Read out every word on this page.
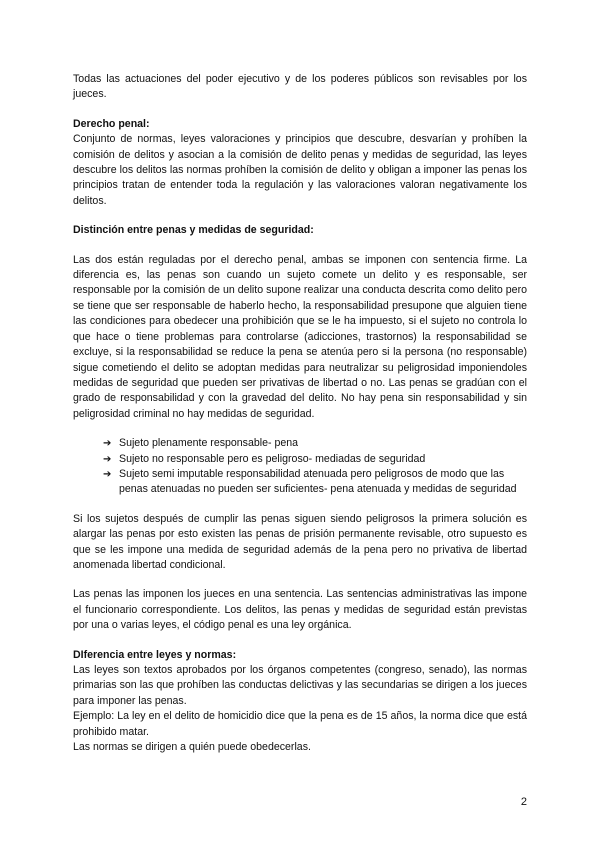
Todas las actuaciones del poder ejecutivo y de los poderes públicos son revisables por los jueces.

Derecho penal:

Conjunto de normas, leyes valoraciones y principios que descubre, desvarían y prohíben la comisión de delitos y asocian a la comisión de delito penas y medidas de seguridad, las leyes descubre los delitos las normas prohíben la comisión de delito y obligan a imponer las penas los principios tratan de entender toda la regulación y las valoraciones valoran negativamente los delitos.

Distinción entre penas y medidas de seguridad:

Las dos están reguladas por el derecho penal, ambas se imponen con sentencia firme. La diferencia es, las penas son cuando un sujeto comete un delito y es responsable, ser responsable por la comisión de un delito supone realizar una conducta descrita como delito pero se tiene que ser responsable de haberlo hecho, la responsabilidad presupone que alguien tiene las condiciones para obedecer una prohibición que se le ha impuesto, si el sujeto no controla lo que hace o tiene problemas para controlarse (adicciones, trastornos) la responsabilidad se excluye, si la responsabilidad se reduce la pena se atenúa pero si la persona (no responsable) sigue cometiendo el delito se adoptan medidas para neutralizar su peligrosidad imponiendoles medidas de seguridad que pueden ser privativas de libertad o no. Las penas se gradúan con el grado de responsabilidad y con la gravedad del delito. No hay pena sin responsabilidad y sin peligrosidad criminal no hay medidas de seguridad.

➔ Sujeto plenamente responsable- pena
➔ Sujeto no responsable pero es peligroso- mediadas de seguridad
➔ Sujeto semi imputable responsabilidad atenuada pero peligrosos de modo que las penas atenuadas no pueden ser suficientes- pena atenuada y medidas de seguridad

Si los sujetos después de cumplir las penas siguen siendo peligrosos la primera solución es alargar las penas por esto existen las penas de prisión permanente revisable, otro supuesto es que se les impone una medida de seguridad además de la pena pero no privativa de libertad anomenada libertad condicional.

Las penas las imponen los jueces en una sentencia. Las sentencias administrativas las impone el funcionario correspondiente. Los delitos, las penas y medidas de seguridad están previstas por una o varias leyes, el código penal es una ley orgánica.

DIferencia entre leyes y normas:

Las leyes son textos aprobados por los órganos competentes (congreso, senado), las normas primarias son las que prohíben las conductas delictivas y las secundarias se dirigen a los jueces para imponer las penas.

Ejemplo: La ley en el delito de homicidio dice que la pena es de 15 años, la norma dice que está prohibido matar.

Las normas se dirigen a quién puede obedecerlas.

2
